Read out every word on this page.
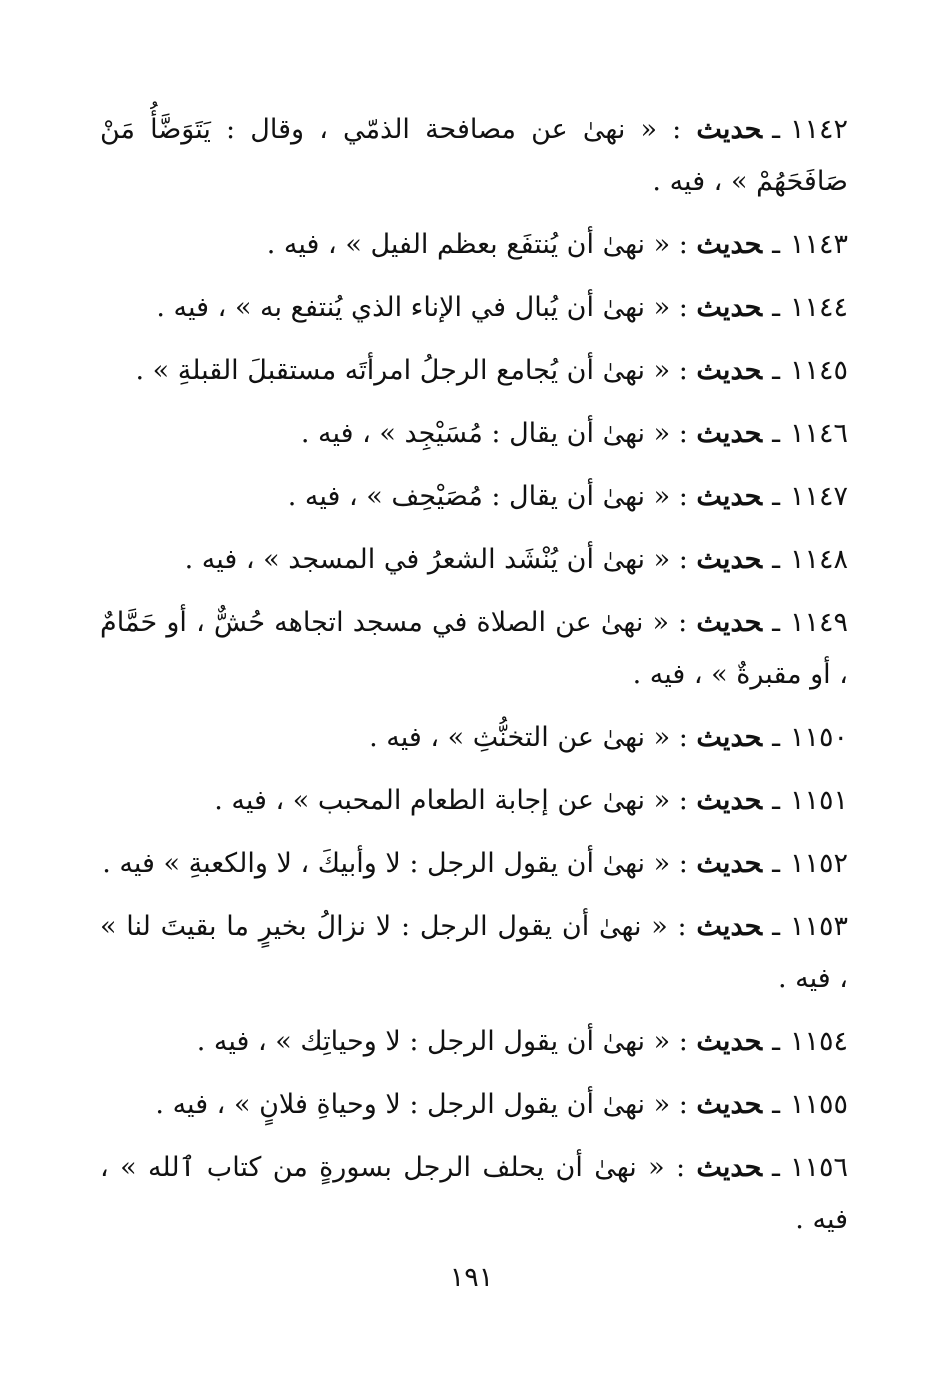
١١٤٢ـحديث : « نهىٰ عن مصافحة الذمّي ، وقال : يَتَوَضَّأُ مَنْ صَافَحَهُمْ » ، فيه .
١١٤٣ـحديث : « نهىٰ أن يُنتفَع بعظم الفيل » ، فيه .
١١٤٤ـحديث : « نهىٰ أن يُبال في الإناء الذي يُنتفع به » ، فيه .
١١٤٥ـحديث : « نهىٰ أن يُجامع الرجلُ امرأتَه مستقبلَ القبلةِ » .
١١٤٦ـحديث : « نهىٰ أن يقال : مُسَيْجِد » ، فيه .
١١٤٧ـحديث : « نهىٰ أن يقال : مُصَيْحِف » ، فيه .
١١٤٨ـحديث : « نهىٰ أن يُنْشَد الشعرُ في المسجد » ، فيه .
١١٤٩ـحديث : « نهىٰ عن الصلاة في مسجد اتجاهه حُشٌّ ، أو حَمَّامٌ ، أو مقبرةٌ » ، فيه .
١١٥٠ـحديث : « نهىٰ عن التخنُّثِ » ، فيه .
١١٥١ـحديث : « نهىٰ عن إجابة الطعام المحبب » ، فيه .
١١٥٢ـحديث : « نهىٰ أن يقول الرجل : لا وأبيكَ ، لا والكعبةِ » فيه .
١١٥٣ـحديث : « نهىٰ أن يقول الرجل : لا نزالُ بخيرٍ ما بقيتَ لنا » ، فيه .
١١٥٤ـحديث : « نهىٰ أن يقول الرجل : لا وحياتِك » ، فيه .
١١٥٥ـحديث : « نهىٰ أن يقول الرجل : لا وحياةِ فلانٍ » ، فيه .
١١٥٦ـحديث : « نهىٰ أن يحلف الرجل بسورةٍ من كتاب ٱلله » ، فيه .
١٩١
